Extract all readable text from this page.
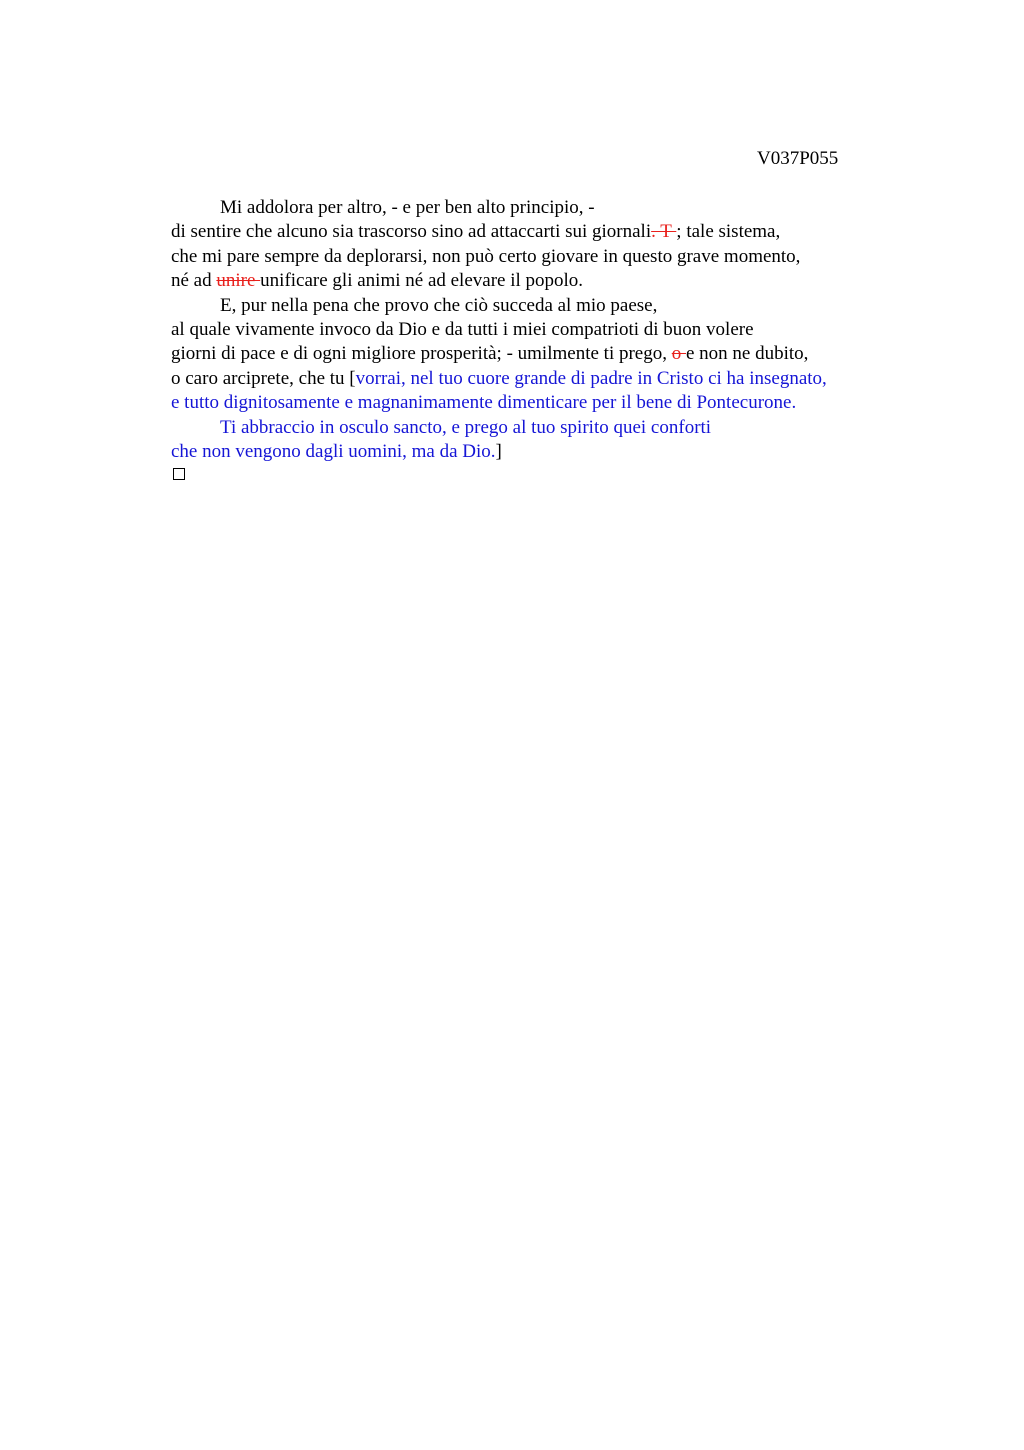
V037P055
Mi addolora per altro, - e per ben alto principio, -
di sentire che alcuno sia trascorso sino ad attaccarti sui giornali. T ; tale sistema,
che mi pare sempre da deplorarsi, non può certo giovare in questo grave momento,
né ad unire unificare gli animi né ad elevare il popolo.
E, pur nella pena che provo che ciò succeda al mio paese,
al quale vivamente invoco da Dio e da tutti i miei compatrioti di buon volere
giorni di pace e di ogni migliore prosperità; - umilmente ti prego, o e non ne dubito,
o caro arciprete, che tu [vorrai, nel tuo cuore grande di padre in Cristo ci ha insegnato,
e tutto dignitosamente e magnanimamente dimenticare per il bene di Pontecurone.
Ti abbraccio in osculo sancto, e prego al tuo spirito quei conforti
che non vengono dagli uomini, ma da Dio.]
